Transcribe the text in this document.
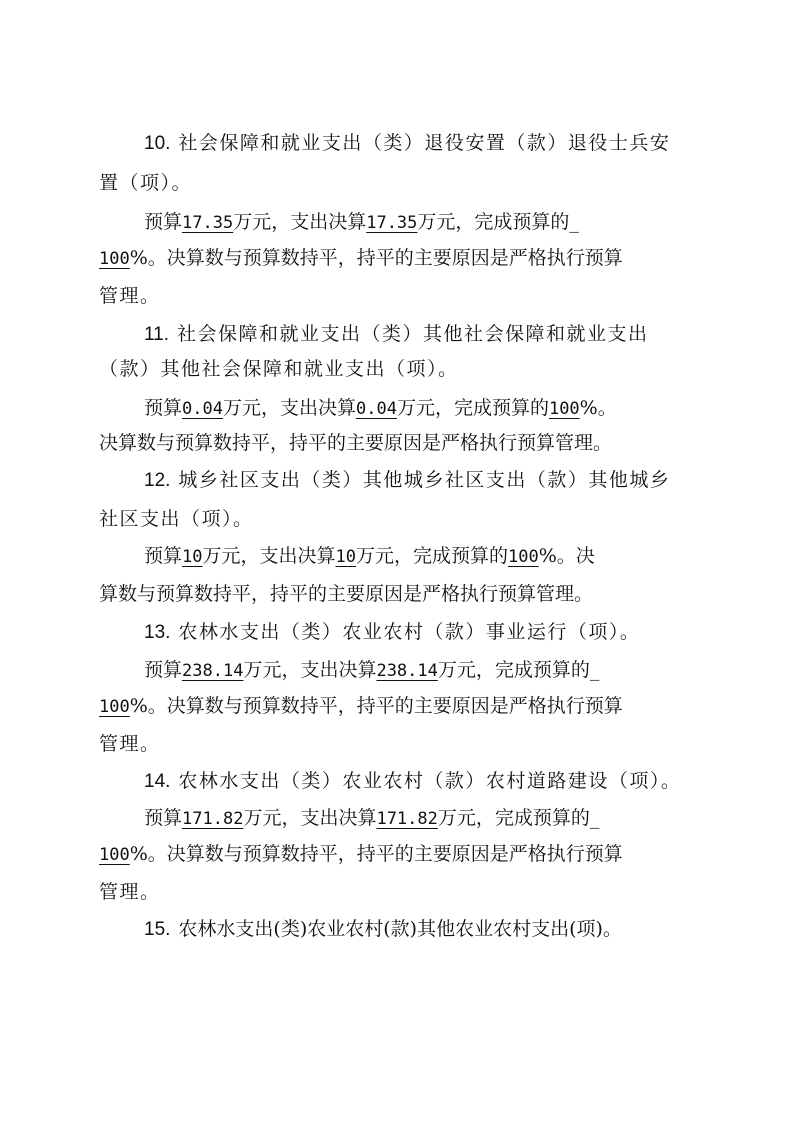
10. 社会保障和就业支出（类）退役安置（款）退役士兵安
置（项）。
预算17.35万元，支出决算17.35万元，完成预算的_
100%。决算数与预算数持平，持平的主要原因是严格执行预算
管理。
11. 社会保障和就业支出（类）其他社会保障和就业支出
（款）其他社会保障和就业支出（项）。
预算0.04万元，支出决算0.04万元，完成预算的100%。
决算数与预算数持平，持平的主要原因是严格执行预算管理。
12. 城乡社区支出（类）其他城乡社区支出（款）其他城乡
社区支出（项）。
预算10万元，支出决算10万元，完成预算的100%。决
算数与预算数持平，持平的主要原因是严格执行预算管理。
13. 农林水支出（类）农业农村（款）事业运行（项）。
预算238.14万元，支出决算238.14万元，完成预算的_
100%。决算数与预算数持平，持平的主要原因是严格执行预算
管理。
14. 农林水支出（类）农业农村（款）农村道路建设（项）。
预算171.82万元，支出决算171.82万元，完成预算的_
100%。决算数与预算数持平，持平的主要原因是严格执行预算
管理。
15. 农林水支出(类)农业农村(款)其他农业农村支出(项)。
